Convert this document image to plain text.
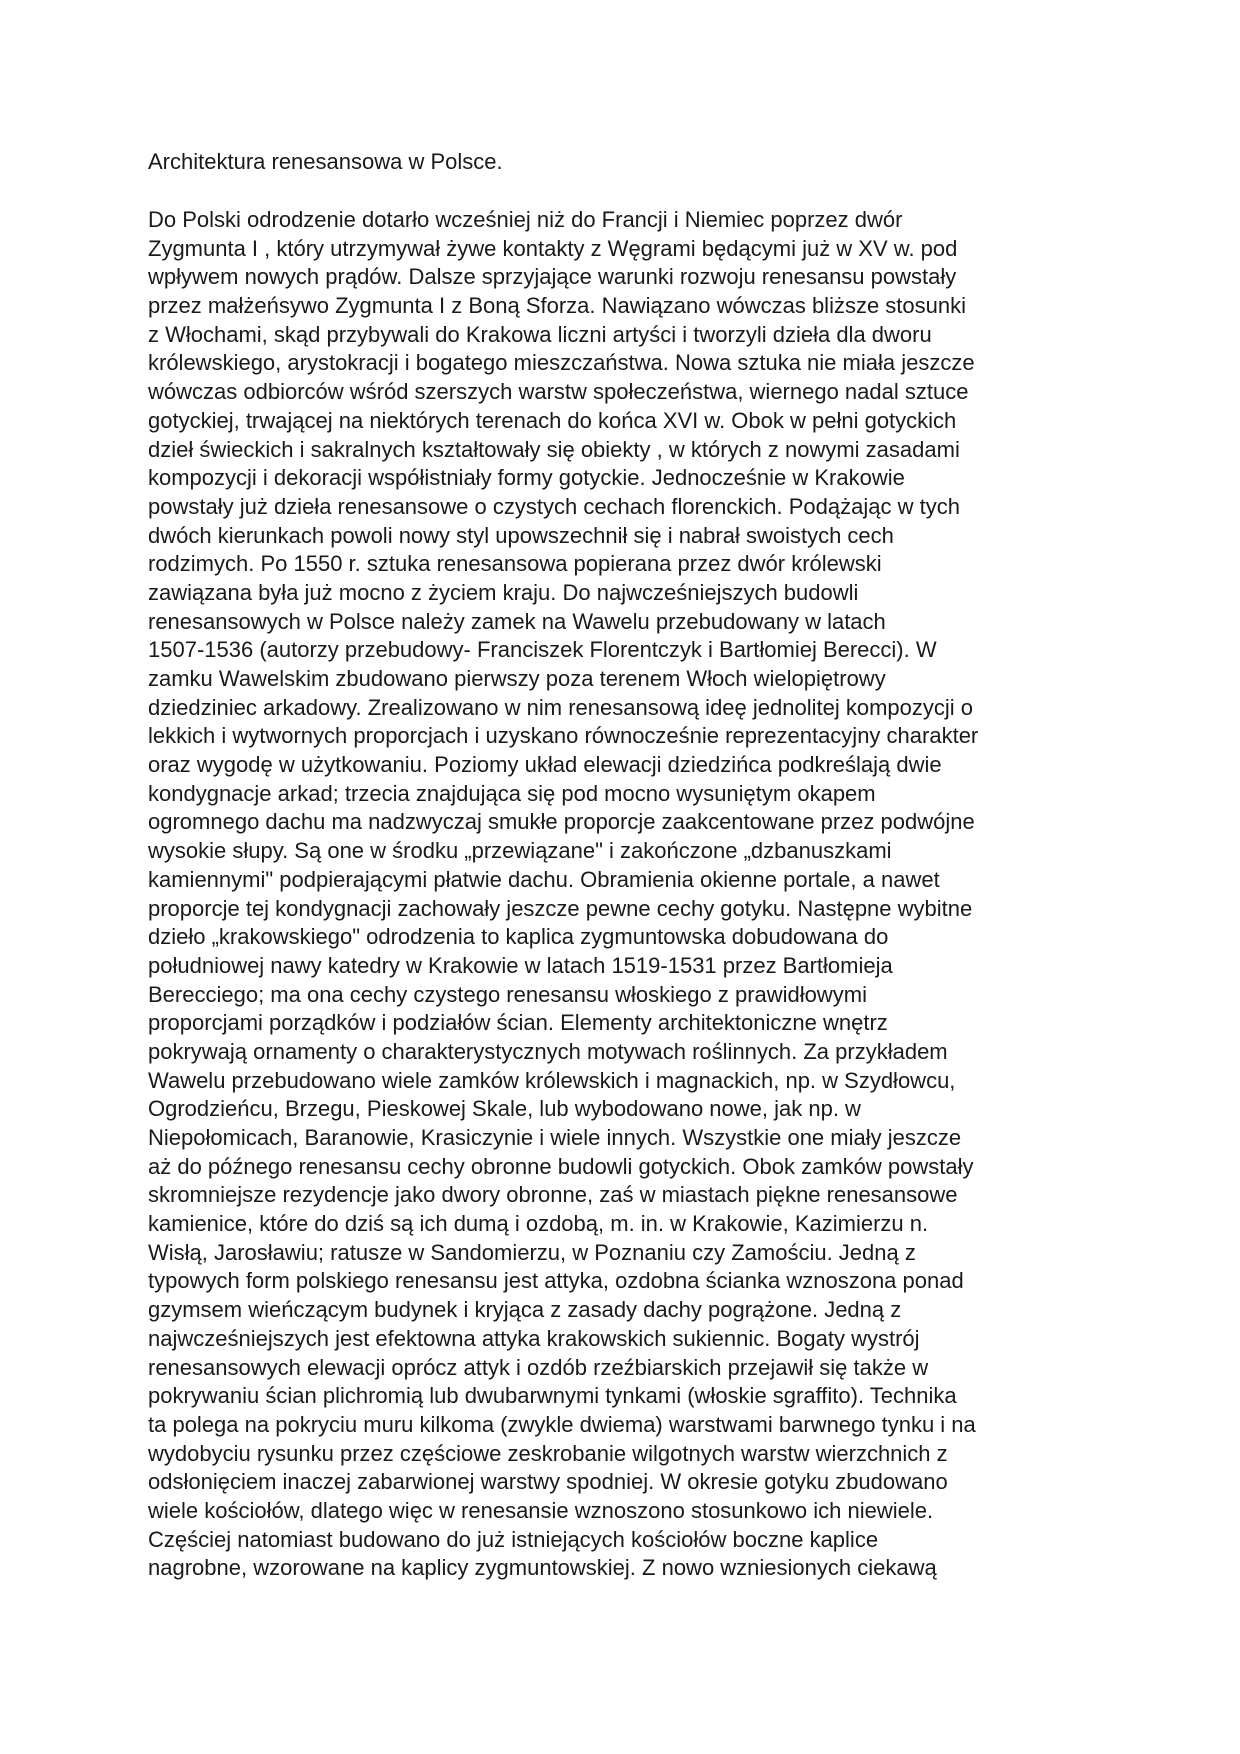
Architektura renesansowa w Polsce.
Do Polski odrodzenie dotarło wcześniej niż do Francji i Niemiec poprzez dwór
Zygmunta I , który utrzymywał żywe kontakty z Węgrami będącymi już w XV w. pod
wpływem nowych prądów. Dalsze sprzyjające warunki rozwoju renesansu powstały
przez małżeńsywo Zygmunta I z Boną Sforza. Nawiązano wówczas bliższe stosunki
z Włochami, skąd przybywali do Krakowa liczni artyści i tworzyli dzieła dla dworu
królewskiego, arystokracji i bogatego mieszczaństwa. Nowa sztuka nie miała jeszcze
wówczas odbiorców wśród szerszych warstw społeczeństwa, wiernego nadal sztuce
gotyckiej, trwającej na niektórych terenach do końca XVI w. Obok w pełni gotyckich
dzieł świeckich i sakralnych kształtowały się obiekty , w których z nowymi zasadami
kompozycji i dekoracji współistniały formy gotyckie. Jednocześnie w Krakowie
powstały już dzieła renesansowe o czystych cechach florenckich. Podążając w tych
dwóch kierunkach powoli nowy styl upowszechnił się i nabrał swoistych cech
rodzimych. Po 1550 r. sztuka renesansowa popierana przez dwór królewski
zawiązana była już mocno z życiem kraju. Do najwcześniejszych budowli
renesansowych w Polsce należy zamek na Wawelu przebudowany w latach
1507-1536 (autorzy przebudowy- Franciszek Florentczyk i Bartłomiej Berecci). W
zamku Wawelskim zbudowano pierwszy poza terenem Włoch wielopiętrowy
dziedziniec arkadowy. Zrealizowano w nim renesansową ideę jednolitej kompozycji o
lekkich i wytwornych proporcjach i uzyskano równocześnie reprezentacyjny charakter
oraz wygodę w użytkowaniu. Poziomy układ elewacji dziedzińca podkreślają dwie
kondygnacje arkad; trzecia znajdująca się pod mocno wysuniętym okapem
ogromnego dachu ma nadzwyczaj smukłe proporcje zaakcentowane przez podwójne
wysokie słupy. Są one w środku „przewiązane" i zakończone „dzbanuszkami
kamiennymi" podpierającymi płatwie dachu. Obramienia okienne portale, a nawet
proporcje tej kondygnacji zachowały jeszcze pewne cechy gotyku. Następne wybitne
dzieło „krakowskiego" odrodzenia to kaplica zygmuntowska dobudowana do
południowej nawy katedry w Krakowie w latach 1519-1531 przez Bartłomieja
Berecciego; ma ona cechy czystego renesansu włoskiego z prawidłowymi
proporcjami porządków i podziałów ścian. Elementy architektoniczne wnętrz
pokrywają ornamenty o charakterystycznych motywach roślinnych. Za przykładem
Wawelu przebudowano wiele zamków królewskich i magnackich, np. w Szydłowcu,
Ogrodzieńcu, Brzegu, Pieskowej Skale, lub wybodowano nowe, jak np. w
Niepołomicach, Baranowie, Krasiczynie i wiele innych. Wszystkie one miały jeszcze
aż do późnego renesansu cechy obronne budowli gotyckich. Obok zamków powstały
skromniejsze rezydencje jako dwory obronne, zaś w miastach piękne renesansowe
kamienice, które do dziś są ich dumą i ozdobą, m. in. w Krakowie, Kazimierzu n.
Wisłą, Jarosławiu; ratusze w Sandomierzu, w Poznaniu czy Zamościu. Jedną z
typowych form polskiego renesansu jest attyka, ozdobna ścianka wznoszona ponad
gzymsem wieńczącym budynek i kryjąca z zasady dachy pogrążone. Jedną z
najwcześniejszych jest efektowna attyka krakowskich sukiennic. Bogaty wystrój
renesansowych elewacji oprócz attyk i ozdób rzeźbiarskich przejawił się także w
pokrywaniu ścian plichromią lub dwubarwnymi tynkami (włoskie sgraffito). Technika
ta polega na pokryciu muru kilkoma (zwykle dwiema) warstwami barwnego tynku i na
wydobyciu rysunku przez częściowe zeskrobanie wilgotnych warstw wierzchnich z
odsłonięciem inaczej zabarwionej warstwy spodniej. W okresie gotyku zbudowano
wiele kościołów, dlatego więc w renesansie wznoszono stosunkowo ich niewiele.
Częściej natomiast budowano do już istniejących kościołów boczne kaplice
nagrobne, wzorowane na kaplicy zygmuntowskiej. Z nowo wzniesionych ciekawą
